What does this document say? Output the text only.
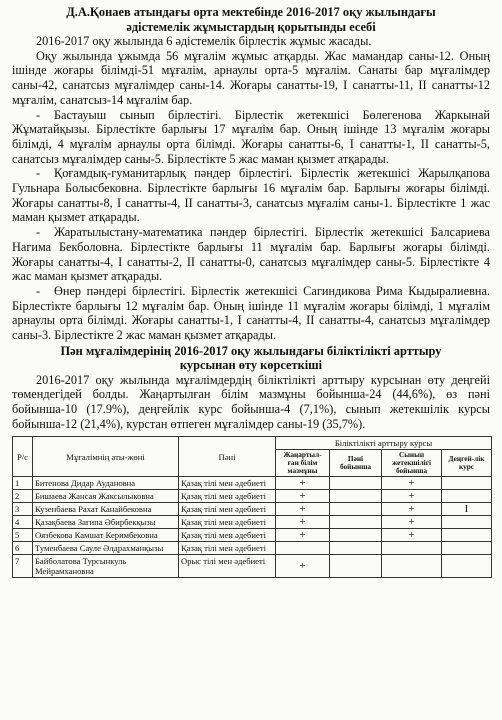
Д.А.Қонаев атындағы орта мектебінде 2016-2017 оқу жылындағы
әдістемелік жұмыстардың қорытынды есебі
2016-2017 оқу жылында 6 әдістемелік бірлестік жұмыс жасады.
Оқу жылында ұжымда 56 мұғалім жұмыс атқарды. Жас мамандар саны-12. Оның ішінде жоғары білімді-51 мұғалім, арнаулы орта-5 мұғалім. Санаты бар мұғалімдер саны-42, санатсыз мұғалімдер саны-14. Жоғары санатты-19, I санатты-11, II санатты-12 мұғалім, санатсыз-14 мұғалім бар.
- Бастауыш сынып бірлестігі. Бірлестік жетекшісі Бөлегенова Жаркынай Жұматайқызы. Бірлестікте барлығы 17 мұғалім бар. Оның ішінде 13 мұғалім жоғары білімді, 4 мұғалім арнаулы орта білімді. Жоғары санатты-6, I санатты-1, II санатты-5, санатсыз мұғалімдер саны-5. Бірлестікте 5 жас маман қызмет атқарады.
- Қоғамдық-гуманитарлық пәндер бірлестігі. Бірлестік жетекшісі Жарылқапова Гульнара Болысбековна. Бірлестікте барлығы 16 мұғалім бар. Барлығы жоғары білімді. Жоғары санатты-8, I санатты-4, II санатты-3, санатсыз мұғалім саны-1. Бірлестікте 1 жас маман қызмет атқарады.
- Жаратылыстану-математика пәндер бірлестігі. Бірлестік жетекшісі Балсариева Нагима Бекболовна. Бірлестікте барлығы 11 мұғалім бар. Барлығы жоғары білімді. Жоғары санатты-4, I санатты-2, II санатты-0, санатсыз мұғалімдер саны-5. Бірлестікте 4 жас маман қызмет атқарады.
- Өнер пәндері бірлестігі. Бірлестік жетекшісі Сагиндикова Рима Кыдыралиевна. Бірлестікте барлығы 12 мұғалім бар. Оның ішінде 11 мұғалім жоғары білімді, 1 мұғалім арнаулы орта білімді. Жоғары санатты-1, I санатты-4, II санатты-4, санатсыз мұғалімдер саны-3. Бірлестікте 2 жас маман қызмет атқарады.
Пән мұғалімдерінің 2016-2017 оқу жылындағы біліктілікті арттыру
курсынан өту көрсеткіші
2016-2017 оқу жылында мұғалімдердің біліктілікті арттыру курсынан өту деңгейі төмендегідей болды. Жаңартылған білім мазмұны бойынша-24 (44,6%), өз пәні бойынша-10 (17.9%), деңгейлік курс бойынша-4 (7,1%), сынып жетекшілік курсы бойынша-12 (21,4%), курстан өтпеген мұғалімдер саны-19 (35,7%).
Р/с	Мұғалімнің аты-жөні	Пәні	Біліктілікті арттыру курсы			
			Жаңартыл-ған білім мазмұны	Пәні бойынша	Сынып жетекшілігі бойынша	Деңгей-лік курс
1	Битенова Дидар Аудановна	Қазақ тілі мен әдебиеті	+		+	
2	Бишаева Жансая Жаксылыковна	Қазақ тілі мен әдебиеті	+		+	
3	Кузенбаева Рахат Канайбековна	Қазақ тілі мен әдебиеті	+		+	I
4	Қазақбаева Зағипа Әбирбекқызы	Қазақ тілі мен әдебиеті	+		+	
5	Оязбекова Камшат Керимбековна	Қазақ тілі мен әдебиеті	+		+	
6	Туменбаева Сауле Әлдрахманқызы	Қазақ тілі мен әдебиеті				
7	Байболатова Турсынкуль Мейрамхановна	Орыс тілі мен әдебиеті	+			
